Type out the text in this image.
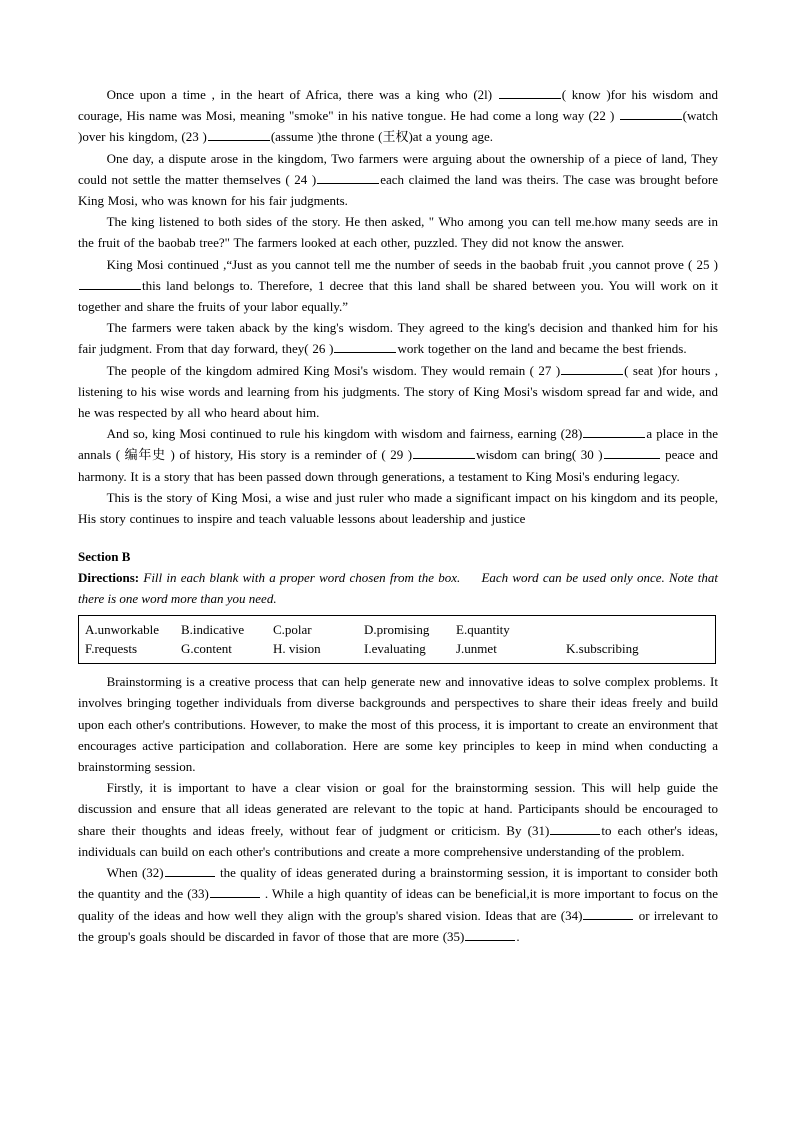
Once upon a time , in the heart of Africa, there was a king who (2l)	( know )for his wisdom and courage, His name was Mosi, meaning "smoke" in his native tongue. He had come a long way (22 )	(watch )over his kingdom, (23 )	(assume )the throne (王权)at a young age.

One day, a dispute arose in the kingdom, Two farmers were arguing about the ownership of a piece of land, They could not settle the matter themselves ( 24 )	each claimed the land was theirs. The case was brought before King Mosi, who was known for his fair judgments.

The king listened to both sides of the story. He then asked, " Who among you can tell me.how many seeds are in the fruit of the baobab tree?" The farmers looked at each other, puzzled. They did not know the answer.

King Mosi continued ,“Just as you cannot tell me the number of seeds in the baobab fruit ,you cannot prove ( 25 )this land belongs to. Therefore, 1 decree that this land shall be shared between you. You will work on it together and share the fruits of your labor equally.”

The farmers were taken aback by the king's wisdom. They agreed to the king's decision and thanked him for his fair judgment. From that day forward, they( 26 )	work together on the land and became the best friends.

The people of the kingdom admired King Mosi's wisdom. They would remain ( 27 )	( seat )for hours , listening to his wise words and learning from his judgments. The story of King Mosi's wisdom spread far and wide, and he was respected by all who heard about him.

And so, king Mosi continued to rule his kingdom with wisdom and fairness, earning (28)	a place in the annals ( 编年史 ) of history, His story is a reminder of ( 29 )	wisdom can bring( 30 )	peace and harmony. It is a story that has been passed down through generations, a testament to King Mosi's enduring legacy.

This is the story of King Mosi, a wise and just ruler who made a significant impact on his kingdom and its people, His story continues to inspire and teach valuable lessons about leadership and justice

Section B
Directions: Fill in each blank with a proper word chosen from the box. Each word can be used only once. Note that there is one word more than you need.
A.unworkable	B.indicative	C.polar	D.promising	E.quantity
F.requests	G.content	H. vision	I.evaluating	J.unmet	K.subscribing

Brainstorming is a creative process that can help generate new and innovative ideas to solve complex problems. It involves bringing together individuals from diverse backgrounds and perspectives to share their ideas freely and build upon each other's contributions. However, to make the most of this process, it is important to create an environment that encourages active participation and collaboration. Here are some key principles to keep in mind when conducting a brainstorming session.

Firstly, it is important to have a clear vision or goal for the brainstorming session. This will help guide the discussion and ensure that all ideas generated are relevant to the topic at hand. Participants should be encouraged to share their thoughts and ideas freely, without fear of judgment or criticism. By (31)	to each other's ideas, individuals can build on each other's contributions and create a more comprehensive understanding of the problem.

When (32)	the quality of ideas generated during a brainstorming session, it is important to consider both the quantity and the (33)	. While a high quantity of ideas can be beneficial,it is more important to focus on the quality of the ideas and how well they align with the group's shared vision. Ideas that are (34)	or irrelevant to the group's goals should be discarded in favor of those that are more (35)	.
